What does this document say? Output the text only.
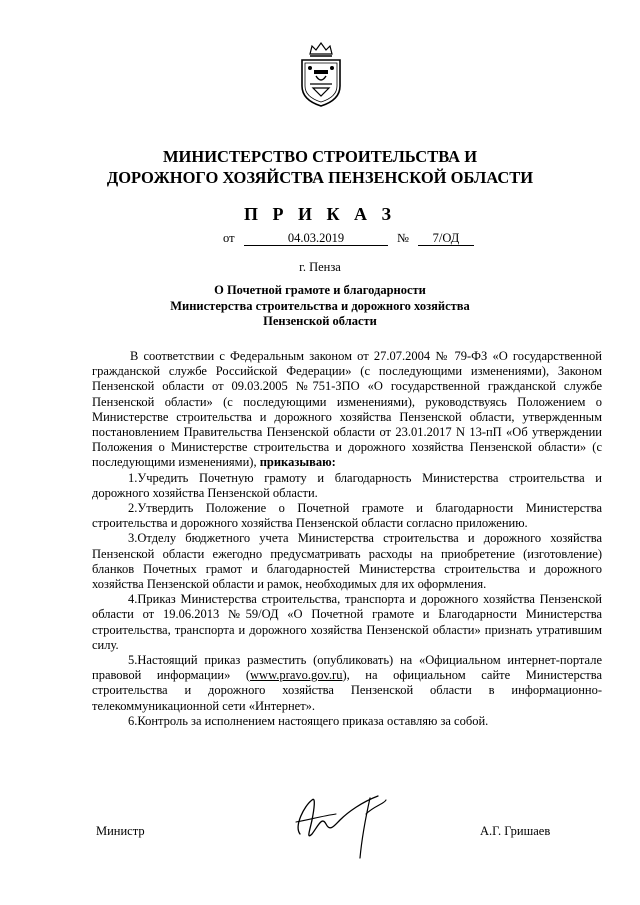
МИНИСТЕРСТВО СТРОИТЕЛЬСТВА И
ДОРОЖНОГО ХОЗЯЙСТВА ПЕНЗЕНСКОЙ ОБЛАСТИ
П Р И К А З
от	04.03.2019	№	7/ОД
г. Пенза
О Почетной грамоте и благодарности
Министерства строительства и дорожного хозяйства
Пензенской области

В соответствии с Федеральным законом от 27.07.2004 № 79-ФЗ «О государственной гражданской службе Российской Федерации» (с последующими изменениями), Законом Пензенской области от 09.03.2005 №751-ЗПО «О государственной гражданской службе Пензенской области» (с последующими изменениями), руководствуясь Положением о Министерстве строительства и дорожного хозяйства Пензенской области, утвержденным постановлением Правительства Пензенской области от 23.01.2017 N 13-пП «Об утверждении Положения о Министерстве строительства и дорожного хозяйства Пензенской области» (с последующими изменениями), приказываю:

1.Учредить Почетную грамоту и благодарность Министерства строительства и дорожного хозяйства Пензенской области.

2.Утвердить Положение о Почетной грамоте и благодарности Министерства строительства и дорожного хозяйства Пензенской области согласно приложению.

3.Отделу бюджетного учета Министерства строительства и дорожного хозяйства Пензенской области ежегодно предусматривать расходы на приобретение (изготовление) бланков Почетных грамот и благодарностей Министерства строительства и дорожного хозяйства Пензенской области и рамок, необходимых для их оформления.

4.Приказ Министерства строительства, транспорта и дорожного хозяйства Пензенской области от 19.06.2013 №59/ОД «О Почетной грамоте и Благодарности Министерства строительства, транспорта и дорожного хозяйства Пензенской области» признать утратившим силу.

5.Настоящий приказ разместить (опубликовать) на «Официальном интернет-портале правовой информации» (www.pravo.gov.ru), на официальном сайте Министерства строительства и дорожного хозяйства Пензенской области в информационно-телекоммуникационной сети «Интернет».

6.Контроль за исполнением настоящего приказа оставляю за собой.

Министр	А.Г. Гришаев
